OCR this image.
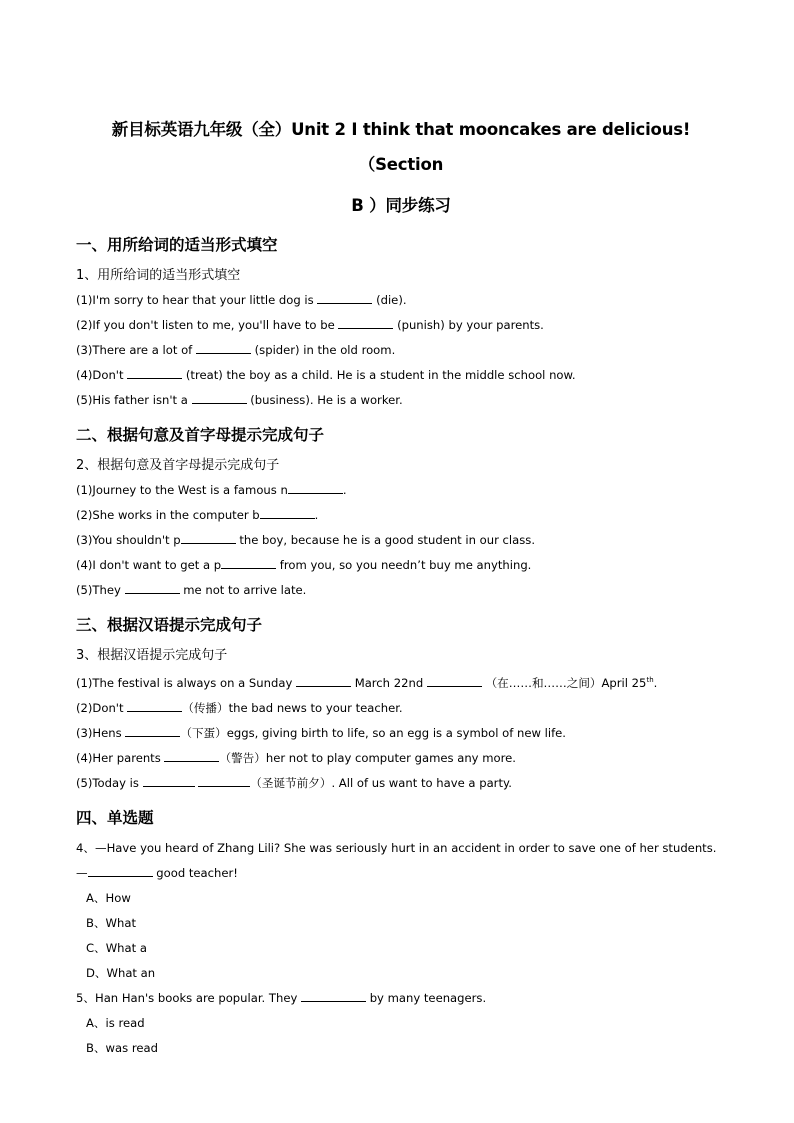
新目标英语九年级（全）Unit 2 I think that mooncakes are delicious!　（Section
B ）同步练习
一、用所给词的适当形式填空
1、用所给词的适当形式填空
(1)I'm sorry to hear that your little dog is	(die).
(2)If you don't listen to me, you'll have to be	(punish) by your parents.
(3)There are a lot of	(spider) in the old room.
(4)Don't	(treat) the boy as a child. He is a student in the middle school now.
(5)His father isn't a	(business). He is a worker.
二、根据句意及首字母提示完成句子
2、根据句意及首字母提示完成句子
(1)Journey to the West is a famous n	.
(2)She works in the computer b	.
(3)You shouldn't p	the boy, because he is a good student in our class.
(4)I don't want to get a p	from you, so you needn’t buy me anything.
(5)They	me not to arrive late.
三、根据汉语提示完成句子
3、根据汉语提示完成句子
(1)The festival is always on a Sunday	March 22nd	（在……和……之间）April 25th.
(2)Don't	（传播）the bad news to your teacher.
(3)Hens	（下蛋）eggs, giving birth to life, so an egg is a symbol of new life.
(4)Her parents	（警告）her not to play computer games any more.
(5)Today is	（圣诞节前夕）. All of us want to have a party.
四、单选题
4、—Have you heard of Zhang Lili? She was seriously hurt in an accident in order to save one of her students.
—	good teacher!
A、How
B、What
C、What a
D、What an
5、Han Han's books are popular. They	by many teenagers.
A、is read
B、was read
